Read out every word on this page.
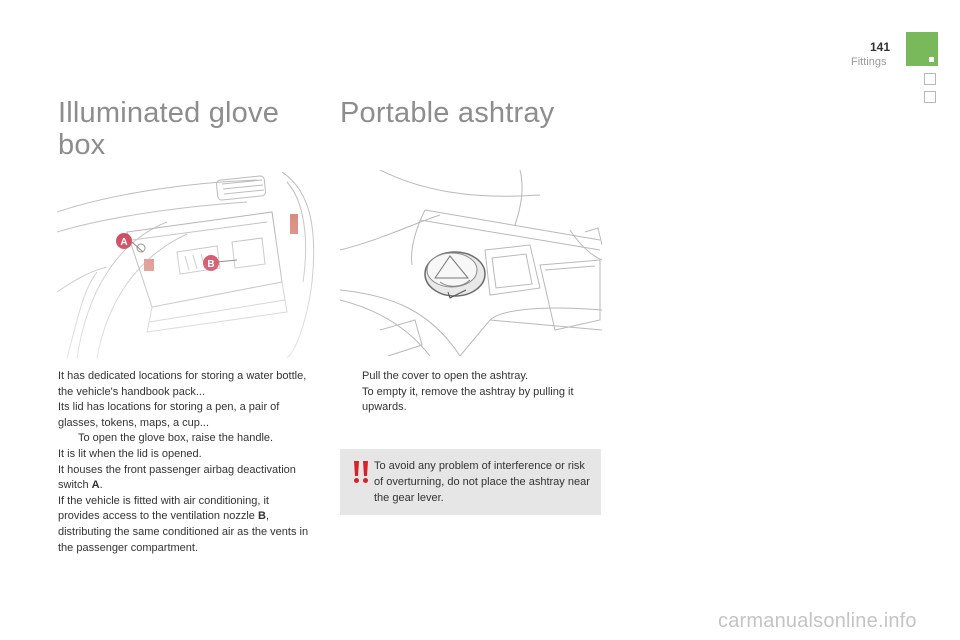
141
Fittings
Illuminated glove box
Portable ashtray
It has dedicated locations for storing a water bottle, the vehicle's handbook pack...
Its lid has locations for storing a pen, a pair of glasses, tokens, maps, a cup...
To open the glove box, raise the handle.
It is lit when the lid is opened.
It houses the front passenger airbag deactivation switch A.
If the vehicle is fitted with air conditioning, it provides access to the ventilation nozzle B, distributing the same conditioned air as the vents in the passenger compartment.
Pull the cover to open the ashtray.
To empty it, remove the ashtray by pulling it upwards.
To avoid any problem of interference or risk of overturning, do not place the ashtray near the gear lever.
carmanualsonline.info
